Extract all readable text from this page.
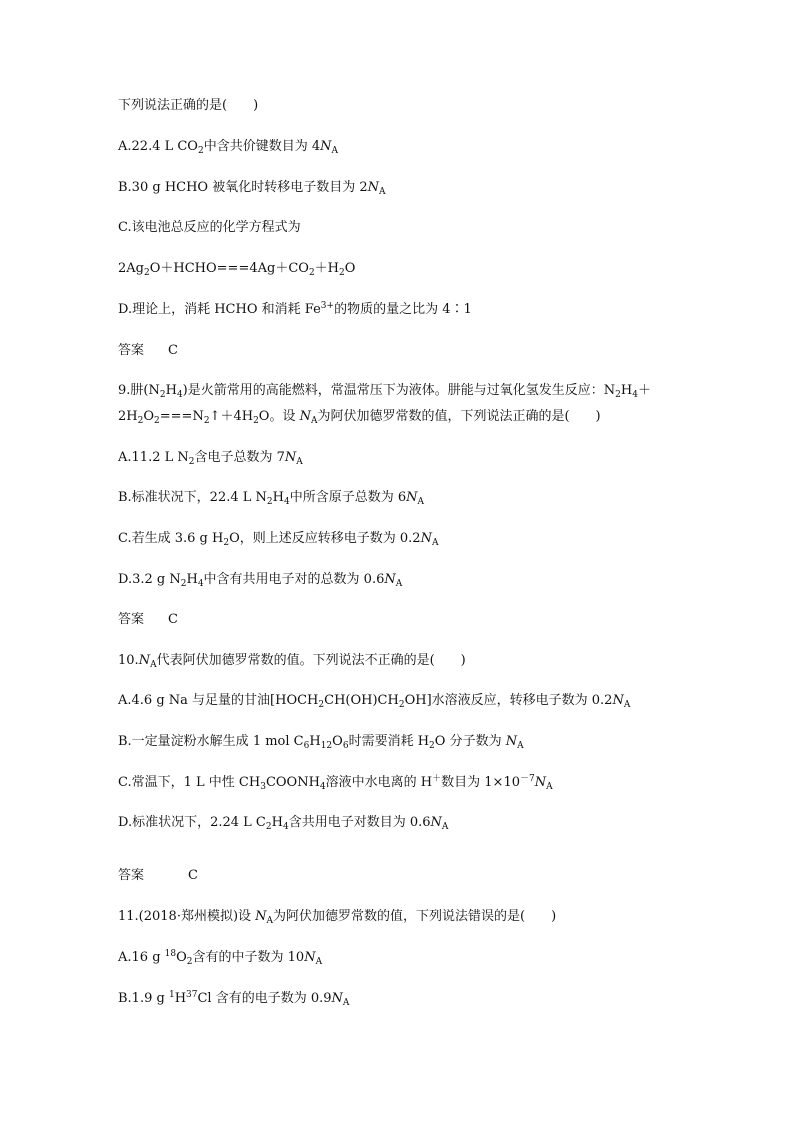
下列说法正确的是(　　)

A.22.4 L $CO_2$中含共价键数目为 $4N_A$

B.30 g HCHO 被氧化时转移电子数目为 $2N_A$

C.该电池总反应的化学方程式为

$2Ag_2O+HCHO===4Ag+CO_2+H_2O$

D.理论上，消耗 HCHO 和消耗 $Fe^{3+}$的物质的量之比为 4∶1

答案 C

9.肼$(N_2H_4)$是火箭常用的高能燃料，常温常压下为液体。肼能与过氧化氢发生反应：$N_2H_4+$

$2H_2O_2===N_2↑+4H_2O$。设 $N_A$为阿伏加德罗常数的值，下列说法正确的是(　　)

A.11.2 L $N_2$含电子总数为 $7N_A$

B.标准状况下，22.4 L $N_2H_4$中所含原子总数为 $6N_A$

C.若生成 3.6 g $H_2O$，则上述反应转移电子数为 $0.2N_A$

D.3.2 g $N_2H_4$中含有共用电子对的总数为 $0.6N_A$

答案 C

$10.N_A$代表阿伏加德罗常数的值。下列说法不正确的是(　　)

A.4.6 g Na 与足量的甘油$[HOCH_2CH(OH)CH_2OH]$水溶液反应，转移电子数为 $0.2N_A$

B.一定量淀粉水解生成 1 mol $C_6H_{12}O_6$时需要消耗 $H_2O$ 分子数为 $N_A$

C.常温下，1 L 中性 $CH_3COONH_4$溶液中水电离的 H＋数目为 $1\times 10^{-7}N_A$

D.标准状况下，2.24 L $C_2H_4$含共用电子对数目为 $0.6N_A$

答案	C

11.(2018·郑州模拟)设 $N_A$为阿伏加德罗常数的值，下列说法错误的是(　　)

A.16 g $^{18}O_2$含有的中子数为 $10N_A$

B.1.9 g $^1H^{37}Cl$ 含有的电子数为 $0.9N_A$
